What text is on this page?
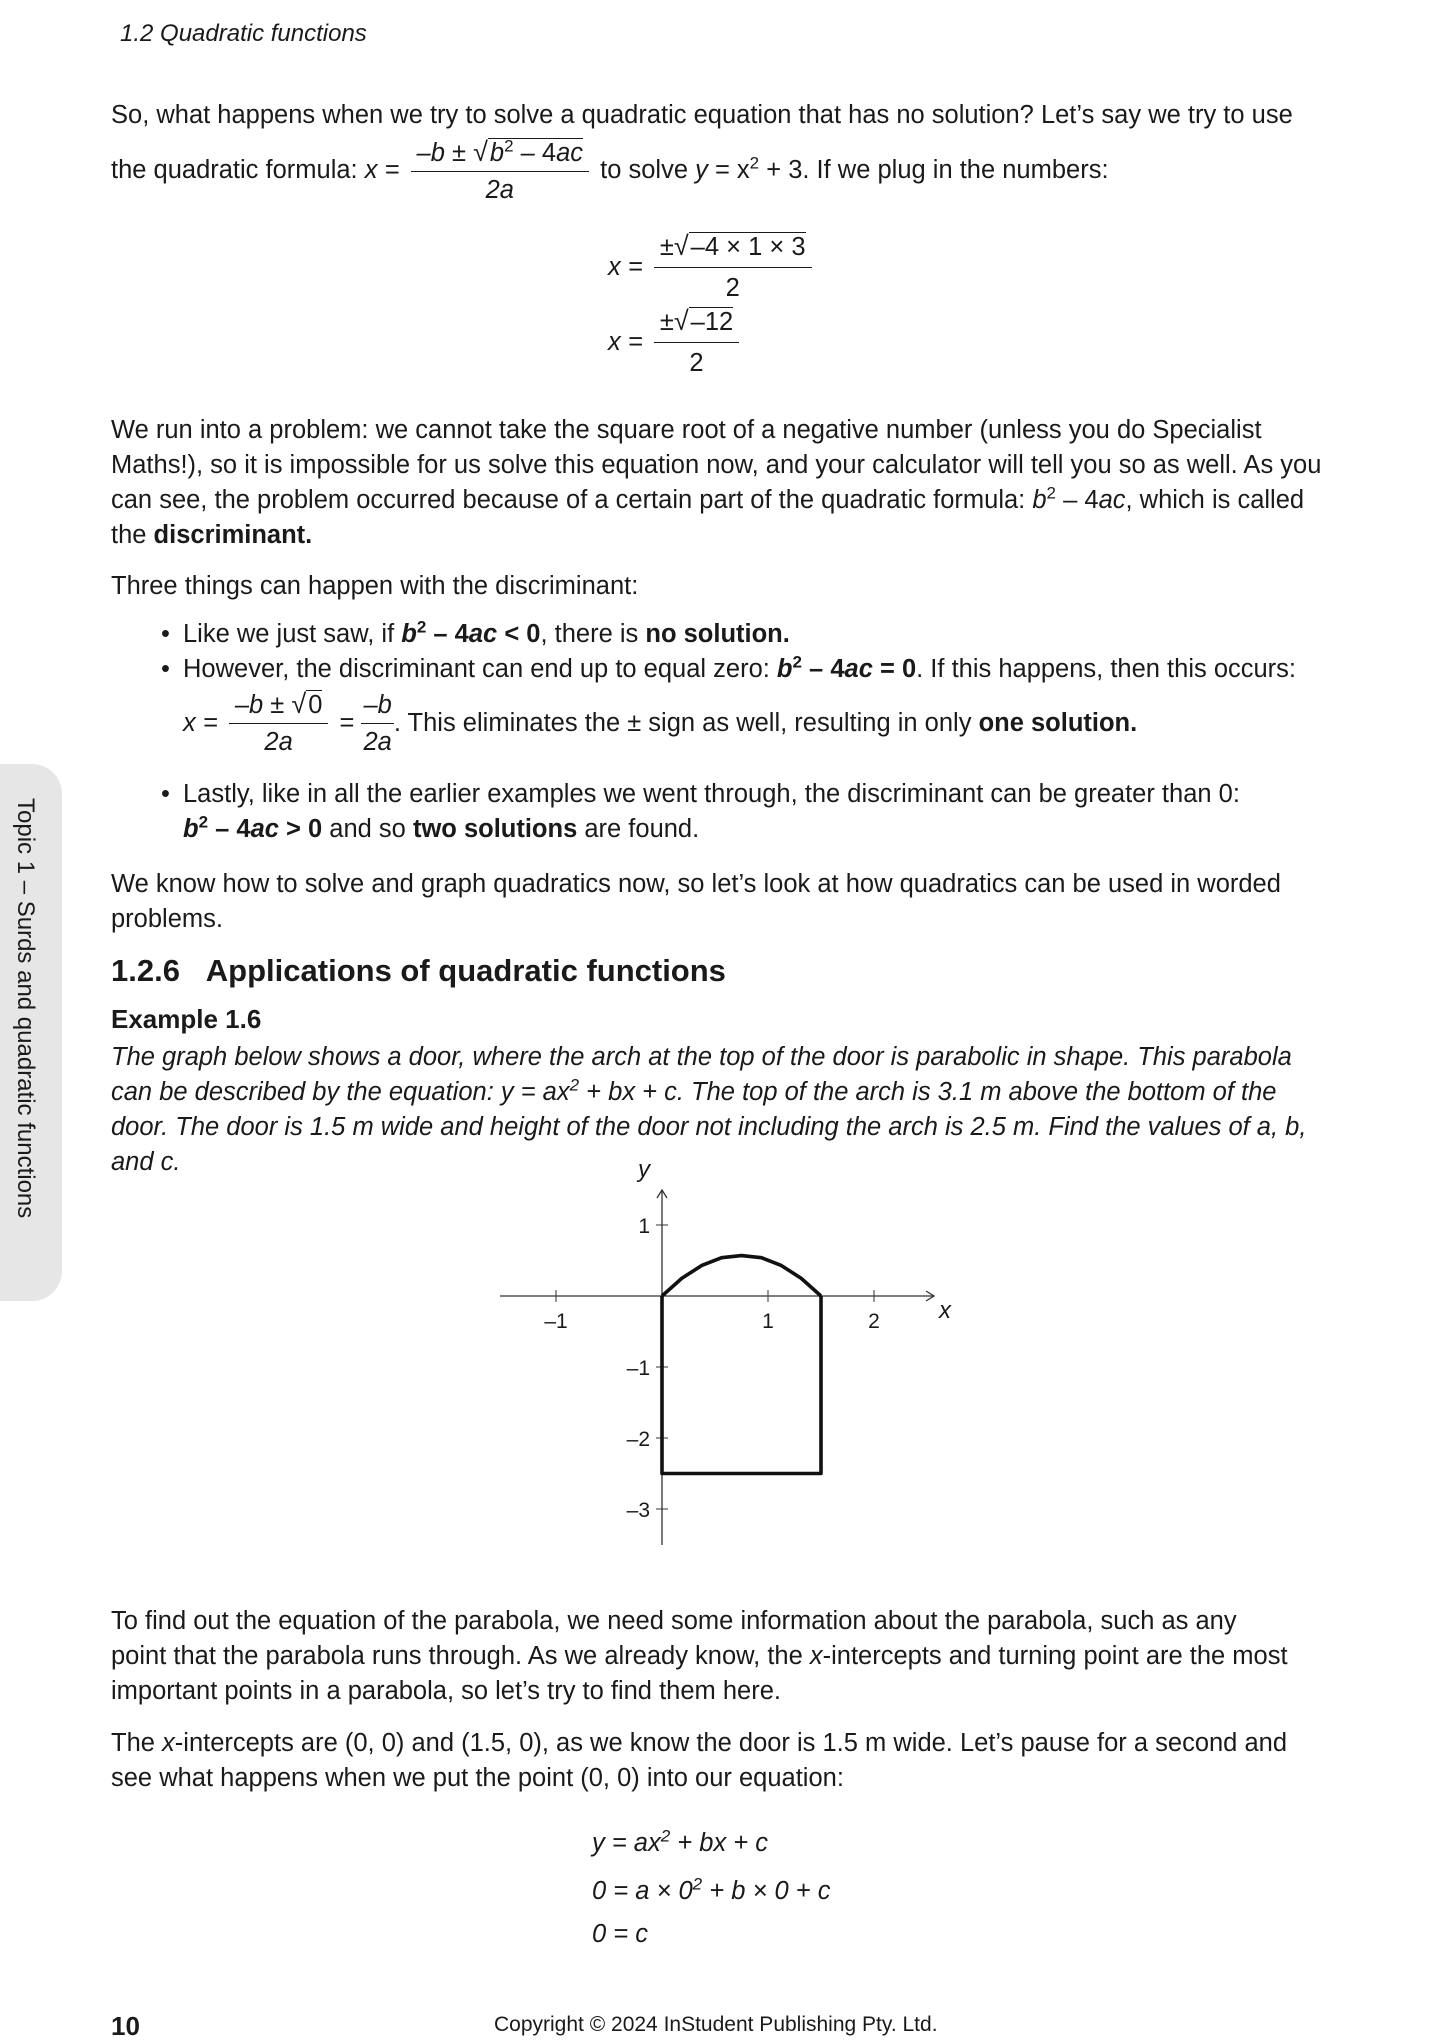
1.2 Quadratic functions
Topic 1 – Surds and quadratic functions
So, what happens when we try to solve a quadratic equation that has no solution? Let’s say we try to use
the quadratic formula: $x = \frac{-b \pm √b^2 - 4ac}{2a}$ to solve $y = x^2 + 3$. If we plug in the numbers:
$x = \frac{\pm√-4 \times 1 \times 3}{2}$
$x = \frac{\pm√-12}{2}$
We run into a problem: we cannot take the square root of a negative number (unless you do Specialist
Maths!), so it is impossible for us solve this equation now, and your calculator will tell you so as well. As you
can see, the problem occurred because of a certain part of the quadratic formula: $b^2 - 4ac$, which is called
the discriminant.
Three things can happen with the discriminant:
• Like we just saw, if $b^2 - 4ac < 0$, there is no solution.
• However, the discriminant can end up to equal zero: $b^2 - 4ac = 0$. If this happens, then this occurs:
$x = \frac{-b \pm √0}{2a} = \frac{-b}{2a}$ . This eliminates the ± sign as well, resulting in only one solution.
• Lastly, like in all the earlier examples we went through, the discriminant can be greater than 0:
$b^2 - 4ac > 0$ and so two solutions are found.
We know how to solve and graph quadratics now, so let’s look at how quadratics can be used in worded
problems.
1.2.6 Applications of quadratic functions
Example 1.6
The graph below shows a door, where the arch at the top of the door is parabolic in shape. This parabola
can be described by the equation: $y = ax^2$ + bx + c. The top of the arch is 3.1 m above the bottom of the
door. The door is 1.5 m wide and height of the door not including the arch is 2.5 m. Find the values of a, b,
and c.
–1	1	2
1
–1
–2
–3
x
y
To find out the equation of the parabola, we need some information about the parabola, such as any
point that the parabola runs through. As we already know, the x-intercepts and turning point are the most
important points in a parabola, so let’s try to find them here.
The x-intercepts are (0, 0) and (1.5, 0), as we know the door is 1.5 m wide. Let’s pause for a second and
see what happens when we put the point (0, 0) into our equation:
$y = ax^2$ + bx + c
$0 = a \times 0^2 + b \times 0 + c$
0 = c
10	Copyright © 2024 InStudent Publishing Pty. Ltd.
